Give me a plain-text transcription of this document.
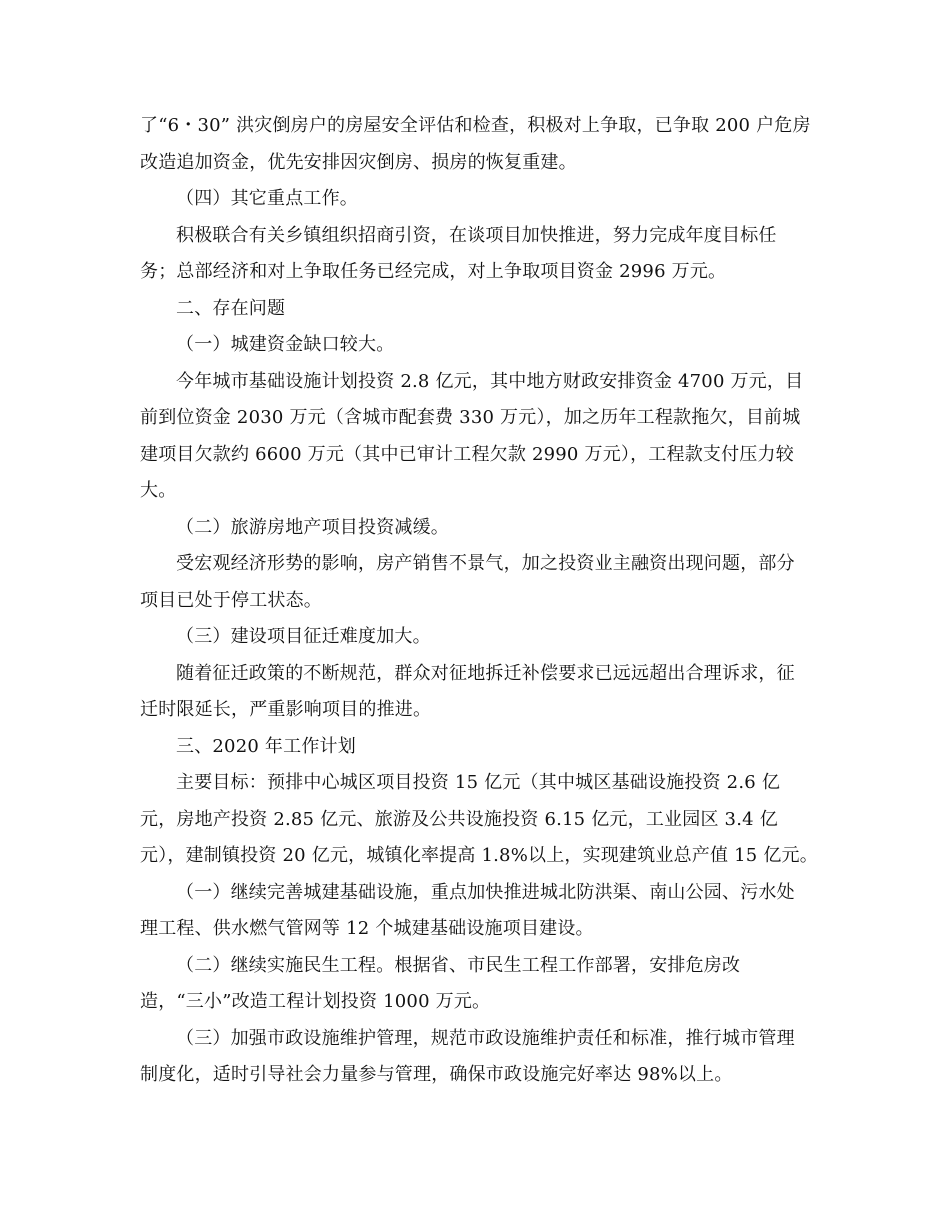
了“6・30” 洪灾倒房户的房屋安全评估和检查，积极对上争取，已争取 200 户危房
改造追加资金，优先安排因灾倒房、损房的恢复重建。

（四）其它重点工作。

积极联合有关乡镇组织招商引资，在谈项目加快推进，努力完成年度目标任
务；总部经济和对上争取任务已经完成，对上争取项目资金 2996 万元。

二、存在问题

（一）城建资金缺口较大。

今年城市基础设施计划投资 2.8 亿元，其中地方财政安排资金 4700 万元，目
前到位资金 2030 万元（含城市配套费 330 万元），加之历年工程款拖欠，目前城
建项目欠款约 6600 万元（其中已审计工程欠款 2990 万元），工程款支付压力较
大。

（二）旅游房地产项目投资减缓。

受宏观经济形势的影响，房产销售不景气，加之投资业主融资出现问题，部分
项目已处于停工状态。

（三）建设项目征迁难度加大。

随着征迁政策的不断规范，群众对征地拆迁补偿要求已远远超出合理诉求，征
迁时限延长，严重影响项目的推进。

三、2020 年工作计划

主要目标：预排中心城区项目投资 15 亿元（其中城区基础设施投资 2.6 亿
元，房地产投资 2.85 亿元、旅游及公共设施投资 6.15 亿元，工业园区 3.4 亿
元），建制镇投资 20 亿元，城镇化率提高 1.8%以上，实现建筑业总产值 15 亿元。

（一）继续完善城建基础设施，重点加快推进城北防洪渠、南山公园、污水处
理工程、供水燃气管网等 12 个城建基础设施项目建设。

（二）继续实施民生工程。根据省、市民生工程工作部署，安排危房改
造，“三小”改造工程计划投资 1000 万元。

（三）加强市政设施维护管理，规范市政设施维护责任和标准，推行城市管理
制度化，适时引导社会力量参与管理，确保市政设施完好率达 98%以上。
